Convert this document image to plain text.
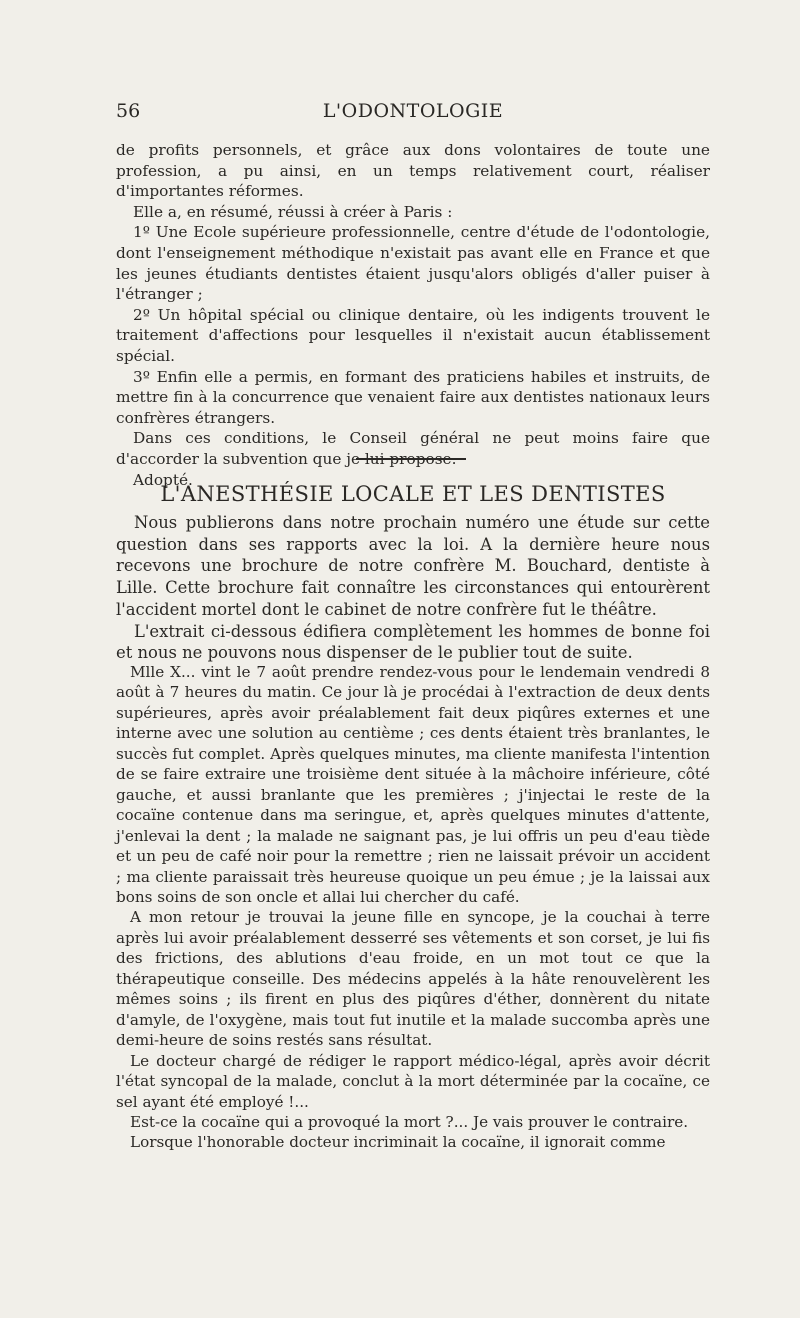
56	L'ODONTOLOGIE

de profits personnels, et grâce aux dons volontaires de toute une profession, a pu ainsi, en un temps relativement court, réaliser d'importantes réformes.

Elle a, en résumé, réussi à créer à Paris :

1º Une Ecole supérieure professionnelle, centre d'étude de l'odontologie, dont l'enseignement méthodique n'existait pas avant elle en France et que les jeunes étudiants dentistes étaient jusqu'alors obligés d'aller puiser à l'étranger ;

2º Un hôpital spécial ou clinique dentaire, où les indigents trouvent le traitement d'affections pour lesquelles il n'existait aucun établissement spécial.

3º Enfin elle a permis, en formant des praticiens habiles et instruits, de mettre fin à la concurrence que venaient faire aux dentistes nationaux leurs confrères étrangers.

Dans ces conditions, le Conseil général ne peut moins faire que d'accorder la subvention que je lui propose.

Adopté.

L'ANESTHÉSIE LOCALE ET LES DENTISTES

Nous publierons dans notre prochain numéro une étude sur cette question dans ses rapports avec la loi. A la dernière heure nous recevons une brochure de notre confrère M. Bouchard, dentiste à Lille. Cette brochure fait connaître les circonstances qui entourèrent l'accident mortel dont le cabinet de notre confrère fut le théâtre.

L'extrait ci-dessous édifiera complètement les hommes de bonne foi et nous ne pouvons nous dispenser de le publier tout de suite.

Mlle X... vint le 7 août prendre rendez-vous pour le lendemain vendredi 8 août à 7 heures du matin. Ce jour là je procédai à l'extraction de deux dents supérieures, après avoir préalablement fait deux piqûres externes et une interne avec une solution au centième ; ces dents étaient très branlantes, le succès fut complet. Après quelques minutes, ma cliente manifesta l'intention de se faire extraire une troisième dent située à la mâchoire inférieure, côté gauche, et aussi branlante que les premières ; j'injectai le reste de la cocaïne contenue dans ma seringue, et, après quelques minutes d'attente, j'enlevai la dent ; la malade ne saignant pas, je lui offris un peu d'eau tiède et un peu de café noir pour la remettre ; rien ne laissait prévoir un accident ; ma cliente paraissait très heureuse quoique un peu émue ; je la laissai aux bons soins de son oncle et allai lui chercher du café.

A mon retour je trouvai la jeune fille en syncope, je la couchai à terre après lui avoir préalablement desserré ses vêtements et son corset, je lui fis des frictions, des ablutions d'eau froide, en un mot tout ce que la thérapeutique conseille. Des médecins appelés à la hâte renouvelèrent les mêmes soins ; ils firent en plus des piqûres d'éther, donnèrent du nitate d'amyle, de l'oxygène, mais tout fut inutile et la malade succomba après une demi-heure de soins restés sans résultat.

Le docteur chargé de rédiger le rapport médico-légal, après avoir décrit l'état syncopal de la malade, conclut à la mort déterminée par la cocaïne, ce sel ayant été employé !...

Est-ce la cocaïne qui a provoqué la mort ?... Je vais prouver le contraire.

Lorsque l'honorable docteur incriminait la cocaïne, il ignorait comme
